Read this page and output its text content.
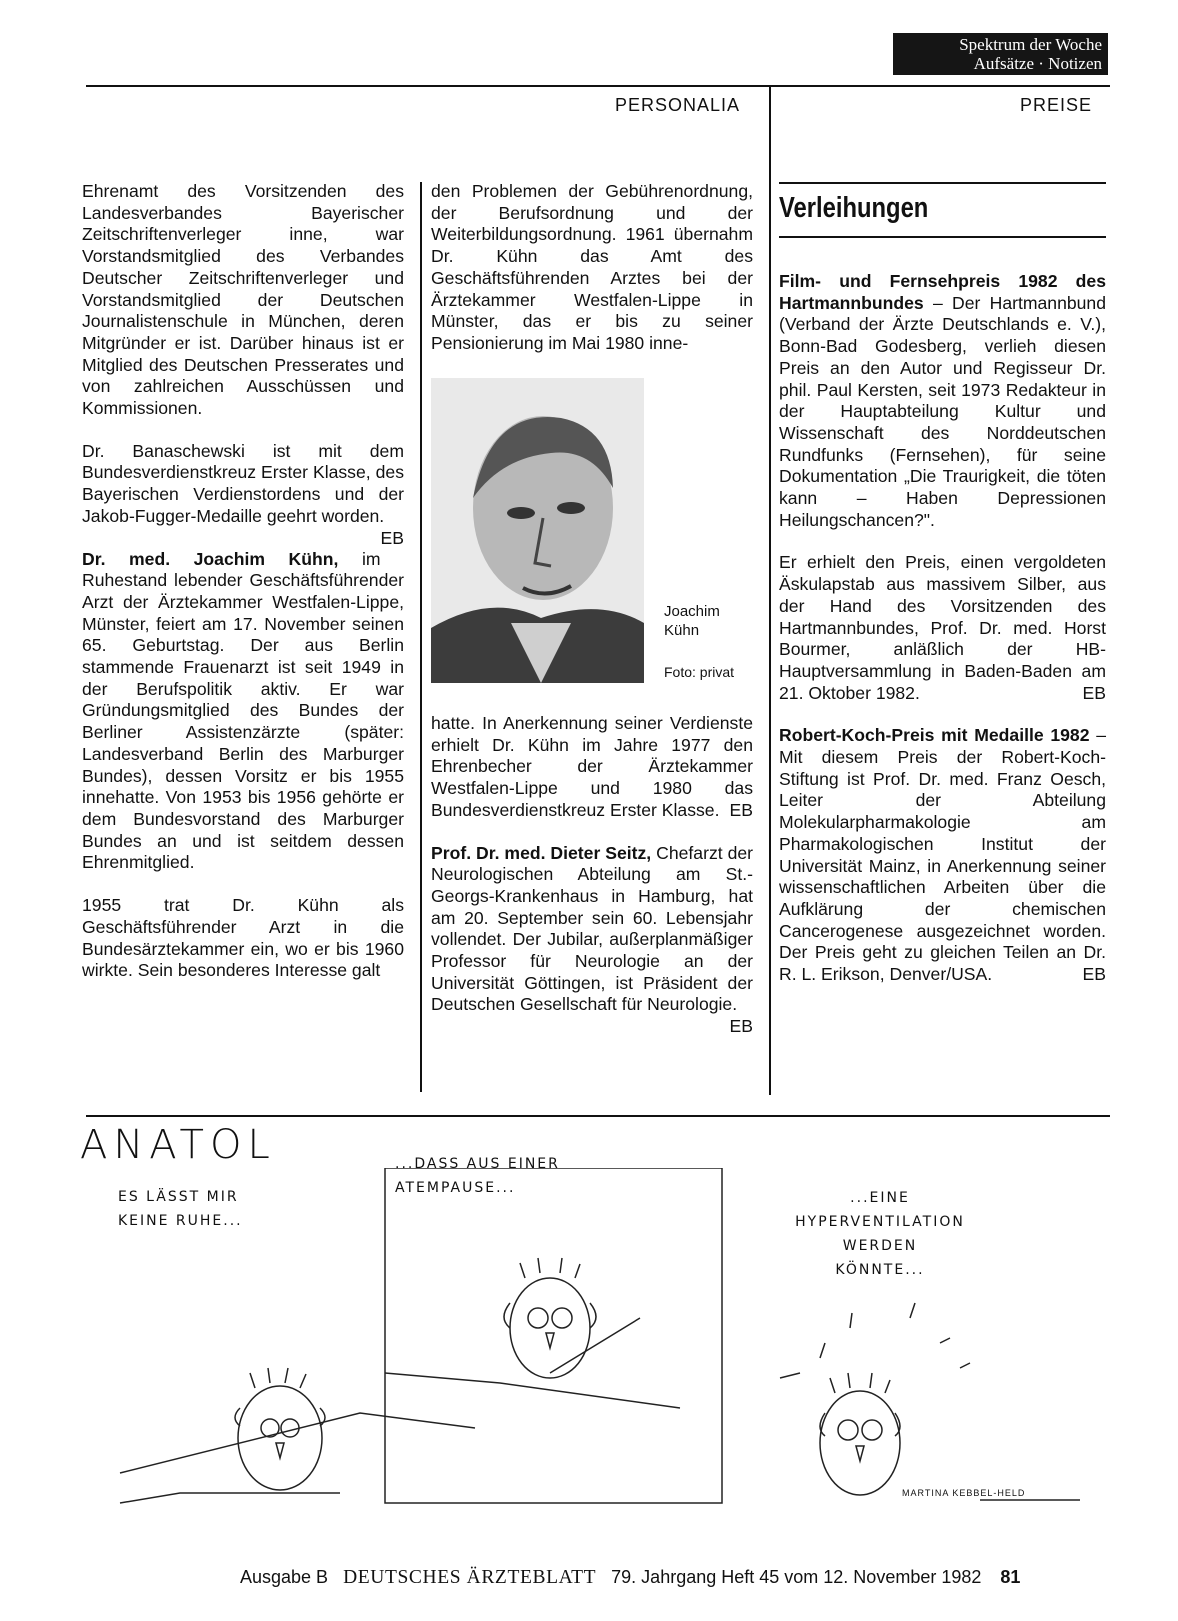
Spektrum der Woche
Aufsätze · Notizen
PERSONALIA	PREISE

Ehrenamt des Vorsitzenden des Landesverbandes Bayerischer Zeitschriftenverleger inne, war Vorstandsmitglied des Verbandes Deutscher Zeitschriftenverleger und Vorstandsmitglied der Deutschen Journalistenschule in München, deren Mitgründer er ist. Darüber hinaus ist er Mitglied des Deutschen Presserates und von zahlreichen Ausschüssen und Kommissionen.

Dr. Banaschewski ist mit dem Bundesverdienstkreuz Erster Klasse, des Bayerischen Verdienstordens und der Jakob-Fugger-Medaille geehrt worden.
EB

Dr. med. Joachim Kühn, im Ruhestand lebender Geschäftsführender Arzt der Ärztekammer Westfalen-Lippe, Münster, feiert am 17. November seinen 65. Geburtstag. Der aus Berlin stammende Frauenarzt ist seit 1949 in der Berufspolitik aktiv. Er war Gründungsmitglied des Bundes der Berliner Assistenzärzte (später: Landesverband Berlin des Marburger Bundes), dessen Vorsitz er bis 1955 innehatte. Von 1953 bis 1956 gehörte er dem Bundesvorstand des Marburger Bundes an und ist seitdem dessen Ehrenmitglied.

1955 trat Dr. Kühn als Geschäftsführender Arzt in die Bundesärztekammer ein, wo er bis 1960 wirkte. Sein besonderes Interesse galt

den Problemen der Gebührenordnung, der Berufsordnung und der Weiterbildungsordnung. 1961 übernahm Dr. Kühn das Amt des Geschäftsführenden Arztes bei der Ärztekammer Westfalen-Lippe in Münster, das er bis zu seiner Pensionierung im Mai 1980 inne-

Joachim
Kühn
Foto: privat

hatte. In Anerkennung seiner Verdienste erhielt Dr. Kühn im Jahre 1977 den Ehrenbecher der Ärztekammer Westfalen-Lippe und 1980 das Bundesverdienstkreuz Erster Klasse. EB

Prof. Dr. med. Dieter Seitz, Chefarzt der Neurologischen Abteilung am St.-Georgs-Krankenhaus in Hamburg, hat am 20. September sein 60. Lebensjahr vollendet. Der Jubilar, außerplanmäßiger Professor für Neurologie an der Universität Göttingen, ist Präsident der Deutschen Gesellschaft für Neurologie.
EB

Verleihungen

Film- und Fernsehpreis 1982 des Hartmannbundes – Der Hartmannbund (Verband der Ärzte Deutschlands e. V.), Bonn-Bad Godesberg, verlieh diesen Preis an den Autor und Regisseur Dr. phil. Paul Kersten, seit 1973 Redakteur in der Hauptabteilung Kultur und Wissenschaft des Norddeutschen Rundfunks (Fernsehen), für seine Dokumentation „Die Traurigkeit, die töten kann – Haben Depressionen Heilungschancen?".

Er erhielt den Preis, einen vergoldeten Äskulapstab aus massivem Silber, aus der Hand des Vorsitzenden des Hartmannbundes, Prof. Dr. med. Horst Bourmer, anläßlich der HB-Hauptversammlung in Baden-Baden am 21. Oktober 1982.	EB

Robert-Koch-Preis mit Medaille 1982 – Mit diesem Preis der Robert-Koch-Stiftung ist Prof. Dr. med. Franz Oesch, Leiter der Abteilung Molekularpharmakologie am Pharmakologischen Institut der Universität Mainz, in Anerkennung seiner wissenschaftlichen Arbeiten über die Aufklärung der chemischen Cancerogenese ausgezeichnet worden. Der Preis geht zu gleichen Teilen an Dr. R. L. Erikson, Denver/USA.	EB

ANATOL
ES LÄSST MIR
KEINE RUHE...
...DASS AUS EINER
ATEMPAUSE...
...EINE
HYPERVENTILATION
WERDEN
KÖNNTE...
MARTINA KEBBEL-HELD
Ausgabe B DEUTSCHES ÄRZTEBLATT 79. Jahrgang Heft 45 vom 12. November 1982 81
